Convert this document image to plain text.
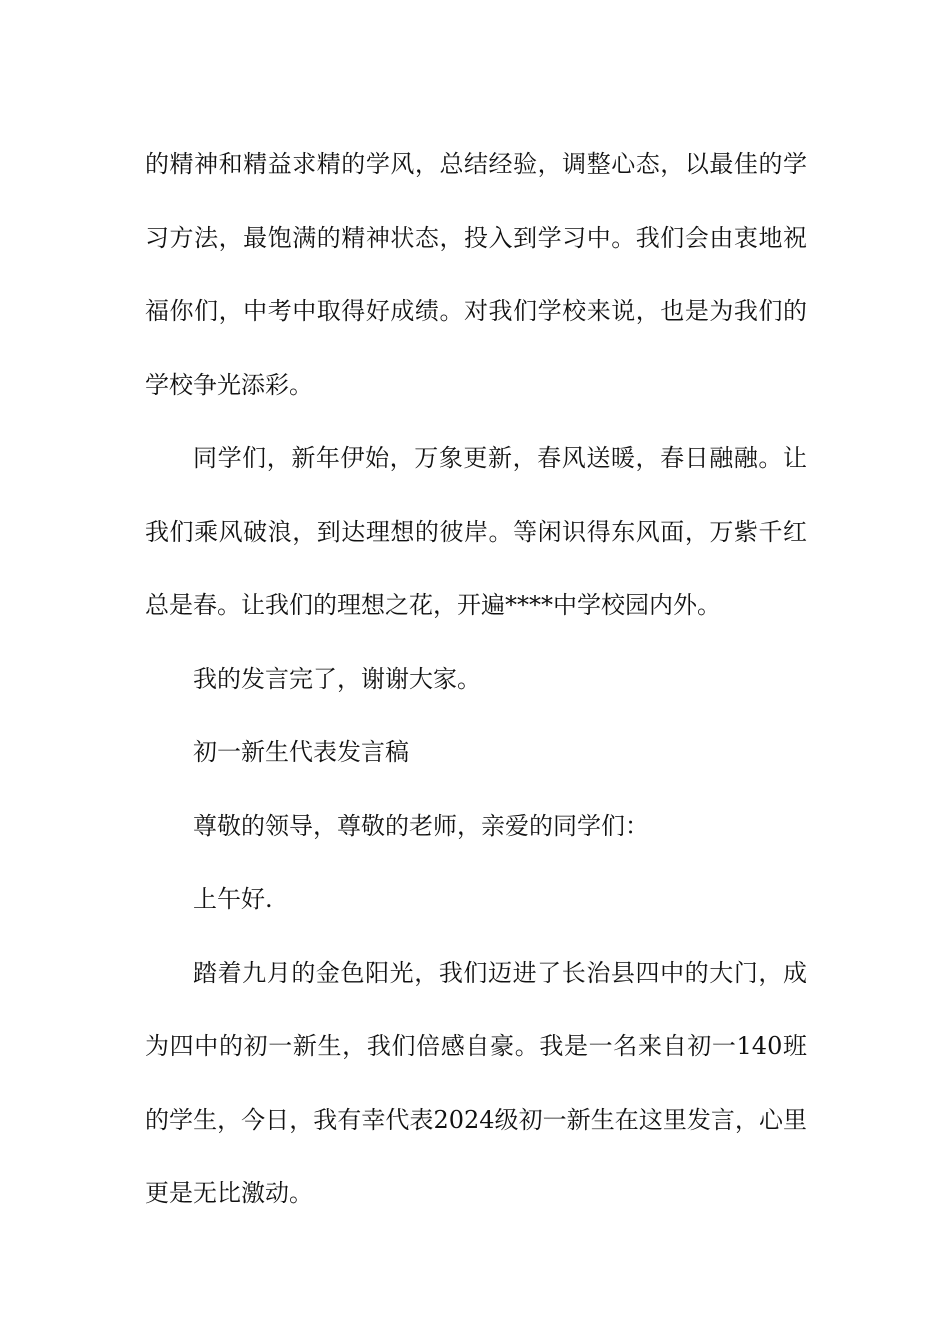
的精神和精益求精的学风，总结经验，调整心态，以最佳的学习方法，最饱满的精神状态，投入到学习中。我们会由衷地祝福你们，中考中取得好成绩。对我们学校来说，也是为我们的学校争光添彩。

同学们，新年伊始，万象更新，春风送暖，春日融融。让我们乘风破浪，到达理想的彼岸。等闲识得东风面，万紫千红总是春。让我们的理想之花，开遍****中学校园内外。

我的发言完了，谢谢大家。

初一新生代表发言稿

尊敬的领导，尊敬的老师，亲爱的同学们：

上午好.

踏着九月的金色阳光，我们迈进了长治县四中的大门，成为四中的初一新生，我们倍感自豪。我是一名来自初一140班的学生，今日，我有幸代表2024级初一新生在这里发言，心里更是无比激动。
